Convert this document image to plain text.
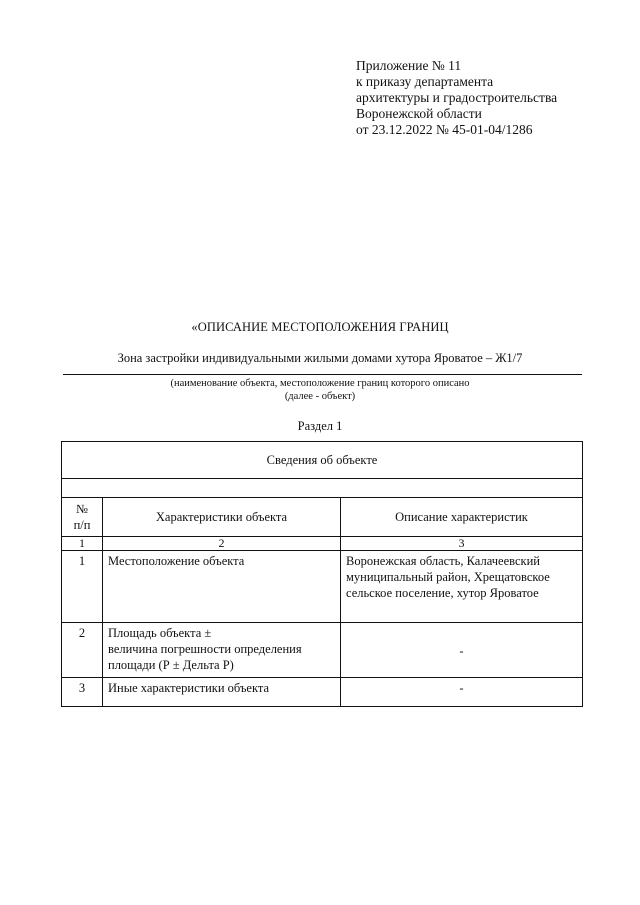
Приложение № 11
к приказу департамента
архитектуры и градостроительства
Воронежской области
от 23.12.2022 № 45-01-04/1286
«ОПИСАНИЕ МЕСТОПОЛОЖЕНИЯ ГРАНИЦ
Зона застройки индивидуальными жилыми домами хутора Яроватое – Ж1/7
(наименование объекта, местоположение границ которого описано
(далее - объект)
Раздел 1
Сведения об объекте		

№
п/п	Характеристики объекта	Описание характеристик
1	2	3
1	Местоположение объекта	Воронежская область, Калачеевский
муниципальный район, Хрещатовское
сельское поселение, хутор Яроватое

2	Площадь объекта ±
величина погрешности определения
площади (Р ± Дельта Р)	-
3	Иные характеристики объекта	-
